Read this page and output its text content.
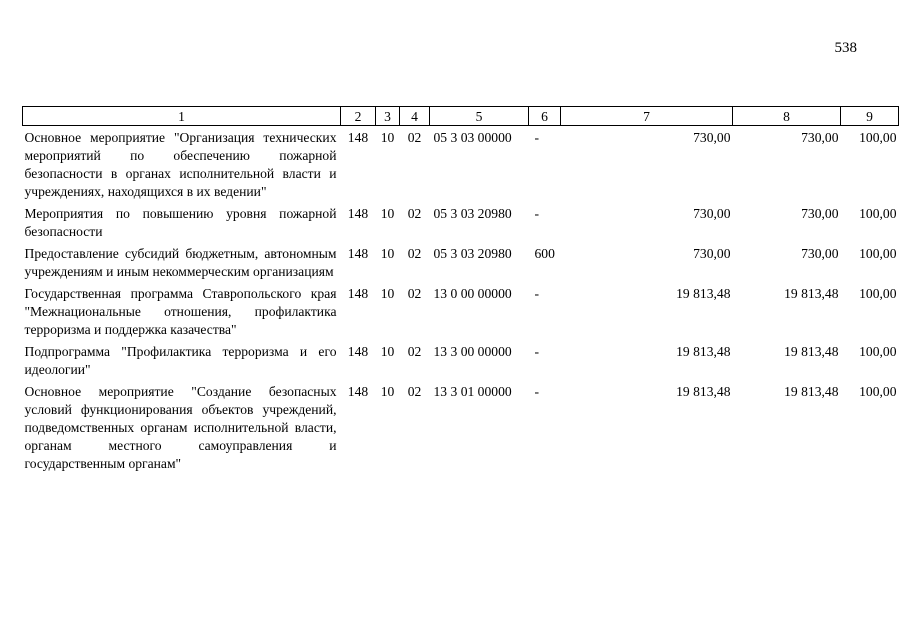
538
1	2	3	4	5	6	7	8	9
Основное мероприятие "Организация технических мероприятий по обеспечению пожарной безопасности в органах исполнительной власти и учреждениях, находящихся в их ведении"	148	10	02	05 3 03 00000	-	730,00	730,00	100,00
Мероприятия по повышению уровня пожарной безопасности	148	10	02	05 3 03 20980	-	730,00	730,00	100,00
Предоставление субсидий бюджетным, автономным учреждениям и иным некоммерческим организациям	148	10	02	05 3 03 20980	600	730,00	730,00	100,00
Государственная программа Ставропольского края "Межнациональные отношения, профилактика терроризма и поддержка казачества"	148	10	02	13 0 00 00000	-	19 813,48	19 813,48	100,00
Подпрограмма "Профилактика терроризма и его идеологии"	148	10	02	13 3 00 00000	-	19 813,48	19 813,48	100,00
Основное мероприятие "Создание безопасных условий функционирования объектов учреждений, подведомственных органам исполнительной власти, органам местного самоуправления и государственным органам"	148	10	02	13 3 01 00000	-	19 813,48	19 813,48	100,00
